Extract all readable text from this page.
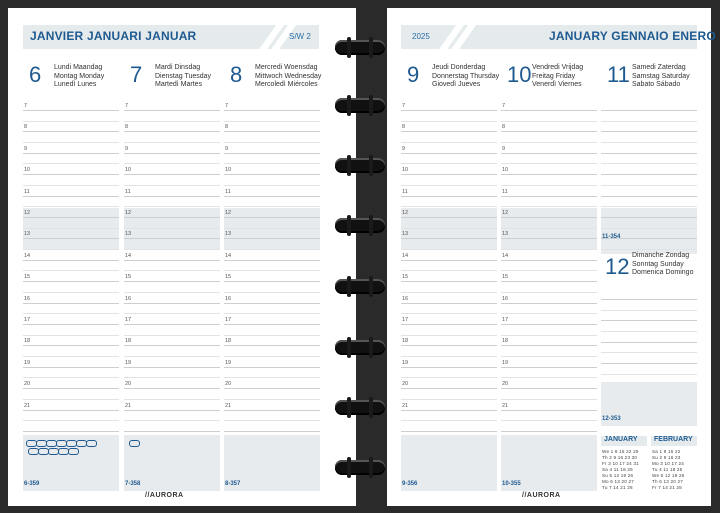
JANVIER JANUARI JANUAR	S/W 2
6 Lundi Maandag
Montag Monday
Lunedì Lunes
7
8
9
10
11
12
13
14
15
16
17
18
19
20
21
6-359
7 Mardi Dinsdag
Dienstag Tuesday
Martedì Martes
7
8
9
10
11
12
13
14
15
16
17
18
19
20
21
7-358
8 Mercredi Woensdag
Mittwoch Wednesday
Mercoledì Miércoles
7
8
9
10
11
12
13
14
15
16
17
18
19
20
21
8-357
//AURORA
2025	JANUARY GENNAIO ENERO
9 Jeudi Donderdag
Donnerstag Thursday
Giovedì Jueves
7
8
9
10
11
12
13
14
15
16
17
18
19
20
21
9-356
10 Vendredi Vrijdag
Freitag Friday
Venerdì Viernes
7
8
9
10
11
12
13
14
15
16
17
18
19
20
21
10-355
11 Samedi Zaterdag
Samstag Saturday
Sabato Sábado
11-354
12 Dimanche Zondag
Sonntag Sunday
Domenica Domingo
12-353
JANUARY
We 1 8 15 22 29
Th 2 9 16 23 30
Fr 3 10 17 24 31
Sa 4 11 18 25
Su 5 12 19 26
Mo 6 13 20 27
Tu 7 14 21 28
FEBRUARY
Sa 1 8 15 22
Su 2 9 16 23
Mo 3 10 17 24
Tu 4 11 18 25
We 5 12 19 26
Th 6 13 20 27
Fr 7 14 21 28
//AURORA
